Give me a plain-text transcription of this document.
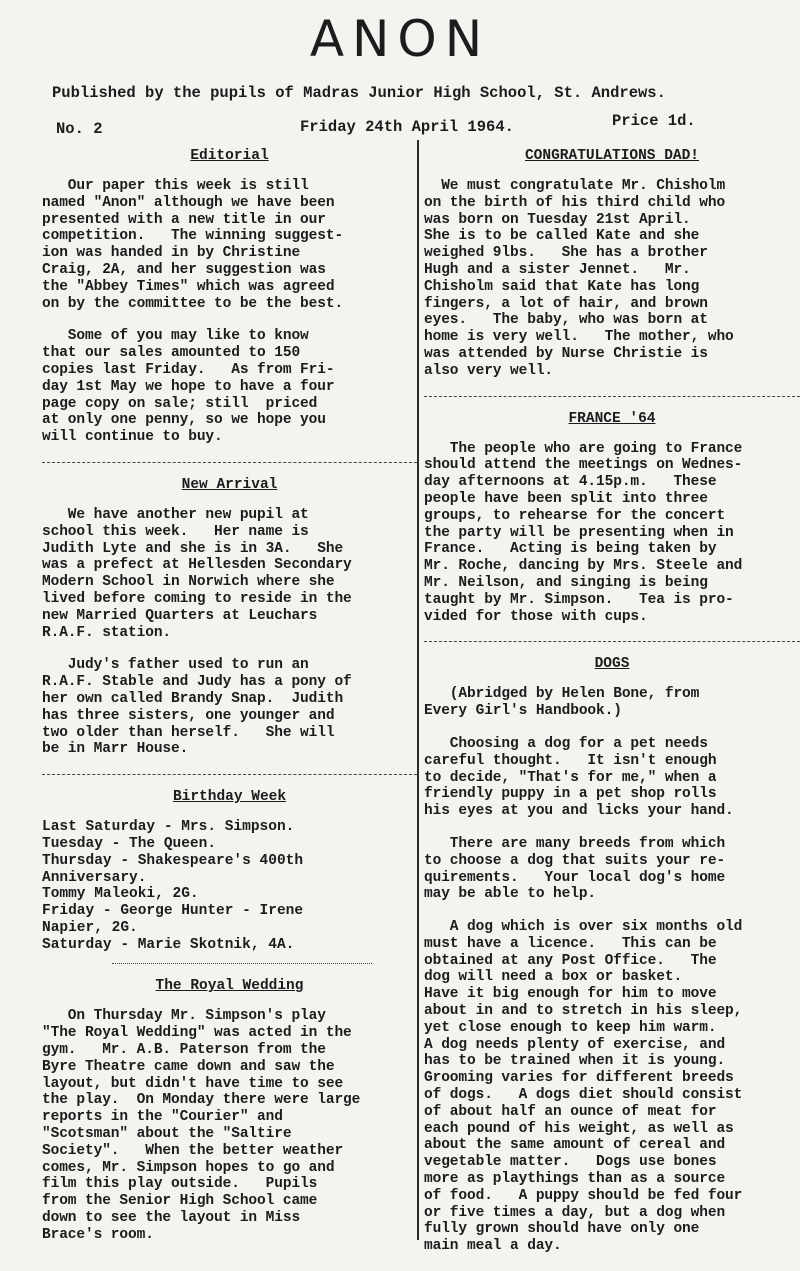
ANON
Published by the pupils of Madras Junior High School, St. Andrews.
No. 2	Friday 24th April 1964.	Price 1d.
Editorial

Our paper this week is still
named "Anon" although we have been
presented with a new title in our
competition.   The winning suggest-
ion was handed in by Christine
Craig, 2A, and her suggestion was
the "Abbey Times" which was agreed
on by the committee to be the best.

Some of you may like to know
that our sales amounted to 150
copies last Friday.   As from Fri-
day 1st May we hope to have a four
page copy on sale; still  priced
at only one penny, so we hope you
will continue to buy.

New Arrival

We have another new pupil at
school this week.   Her name is
Judith Lyte and she is in 3A.   She
was a prefect at Hellesden Secondary
Modern School in Norwich where she
lived before coming to reside in the
new Married Quarters at Leuchars
R.A.F. station.

Judy's father used to run an
R.A.F. Stable and Judy has a pony of
her own called Brandy Snap.  Judith
has three sisters, one younger and
two older than herself.   She will
be in Marr House.

Birthday Week
Last Saturday - Mrs. Simpson.
Tuesday - The Queen.
Thursday - Shakespeare's 400th
Anniversary.
Tommy Maleoki, 2G.
Friday - George Hunter - Irene
Napier, 2G.
Saturday - Marie Skotnik, 4A.
The Royal Wedding

On Thursday Mr. Simpson's play
"The Royal Wedding" was acted in the
gym.   Mr. A.B. Paterson from the
Byre Theatre came down and saw the
layout, but didn't have time to see
the play.  On Monday there were large
reports in the "Courier" and
"Scotsman" about the "Saltire
Society".   When the better weather
comes, Mr. Simpson hopes to go and
film this play outside.   Pupils
from the Senior High School came
down to see the layout in Miss
Brace's room.

CONGRATULATIONS DAD!

We must congratulate Mr. Chisholm
on the birth of his third child who
was born on Tuesday 21st April.
She is to be called Kate and she
weighed 9lbs.   She has a brother
Hugh and a sister Jennet.   Mr.
Chisholm said that Kate has long
fingers, a lot of hair, and brown
eyes.   The baby, who was born at
home is very well.   The mother, who
was attended by Nurse Christie is
also very well.

FRANCE '64

The people who are going to France
should attend the meetings on Wednes-
day afternoons at 4.15p.m.   These
people have been split into three
groups, to rehearse for the concert
the party will be presenting when in
France.   Acting is being taken by
Mr. Roche, dancing by Mrs. Steele and
Mr. Neilson, and singing is being
taught by Mr. Simpson.   Tea is pro-
vided for those with cups.

DOGS

(Abridged by Helen Bone, from
Every Girl's Handbook.)

Choosing a dog for a pet needs
careful thought.   It isn't enough
to decide, "That's for me," when a
friendly puppy in a pet shop rolls
his eyes at you and licks your hand.

There are many breeds from which
to choose a dog that suits your re-
quirements.   Your local dog's home
may be able to help.

A dog which is over six months old
must have a licence.   This can be
obtained at any Post Office.   The
dog will need a box or basket.
Have it big enough for him to move
about in and to stretch in his sleep,
yet close enough to keep him warm.
A dog needs plenty of exercise, and
has to be trained when it is young.
Grooming varies for different breeds
of dogs.   A dogs diet should consist
of about half an ounce of meat for
each pound of his weight, as well as
about the same amount of cereal and
vegetable matter.   Dogs use bones
more as playthings than as a source
of food.   A puppy should be fed four
or five times a day, but a dog when
fully grown should have only one
main meal a day.
